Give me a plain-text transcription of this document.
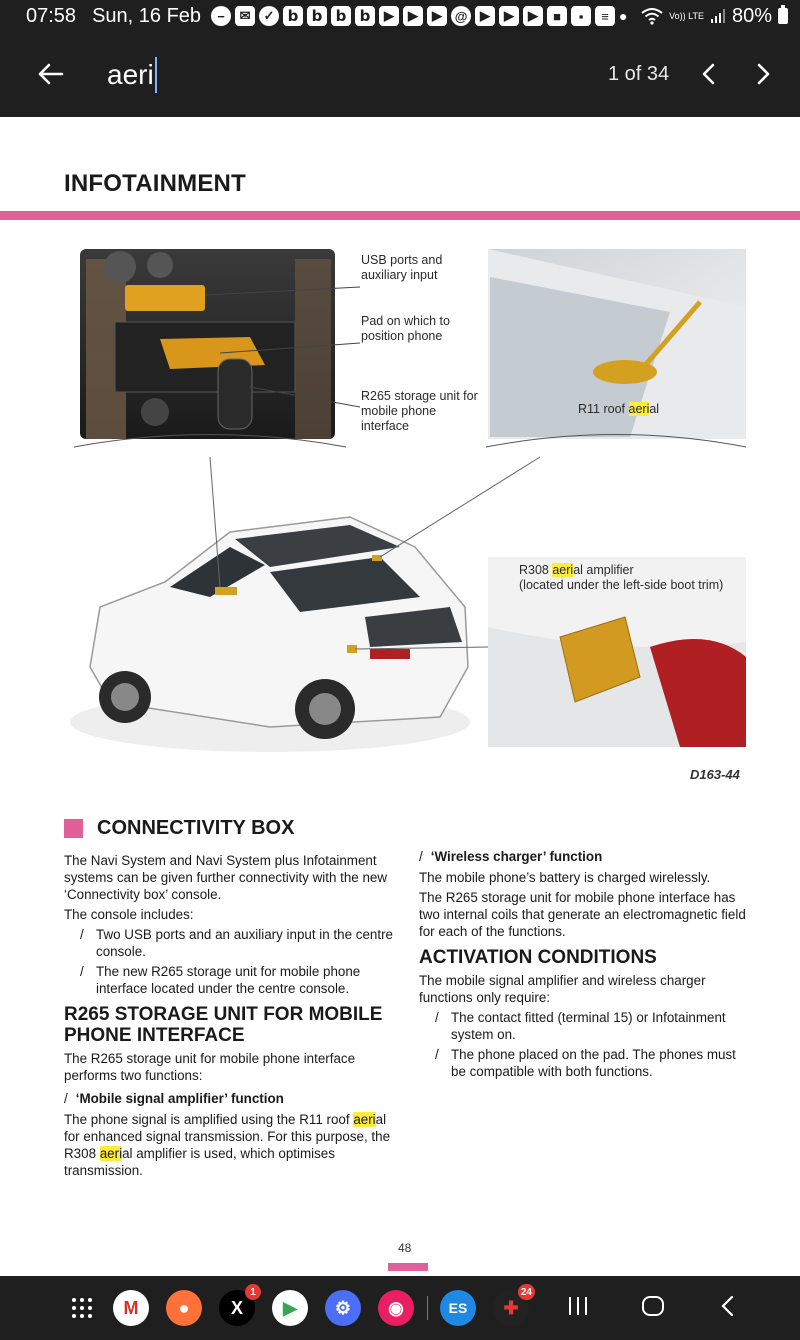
07:58 Sun, 16 Feb	−	✉	✓ b b b b	▶	▶	▶ @ ▶	▶	▶	■	▪	≡ ●	Vo)) LTE 80%
aeri	1 of 34
INFOTAINMENT
USB ports and auxiliary input
Pad on which to position phone
R265 storage unit for mobile phone interface
R11 roof aerial
R308 aerial amplifier
(located under the left-side boot trim)
D163-44
CONNECTIVITY BOX

The Navi System and Navi System plus Infotainment systems can be given further connectivity with the new ‘Connectivity box’ console.

The console includes:

/ Two USB ports and an auxiliary input in the centre console.

/ The new R265 storage unit for mobile phone interface located under the centre console.

R265 STORAGE UNIT FOR MOBILE PHONE INTERFACE

The R265 storage unit for mobile phone interface performs two functions:

/ ‘Mobile signal amplifier’ function

The phone signal is amplified using the R11 roof aerial for enhanced signal transmission. For this purpose, the R308 aerial amplifier is used, which optimises transmission.

/ ‘Wireless charger’ function

The mobile phone’s battery is charged wirelessly.

The R265 storage unit for mobile phone interface has two internal coils that generate an electromagnetic field for each of the functions.

ACTIVATION CONDITIONS

The mobile signal amplifier and wireless charger functions only require:

/ The contact fitted (terminal 15) or Infotainment system on.

/ The phone placed on the pad. The phones must be compatible with both functions.

48
M	●	X
1
▶	⚙	◉	ES	✚
24
